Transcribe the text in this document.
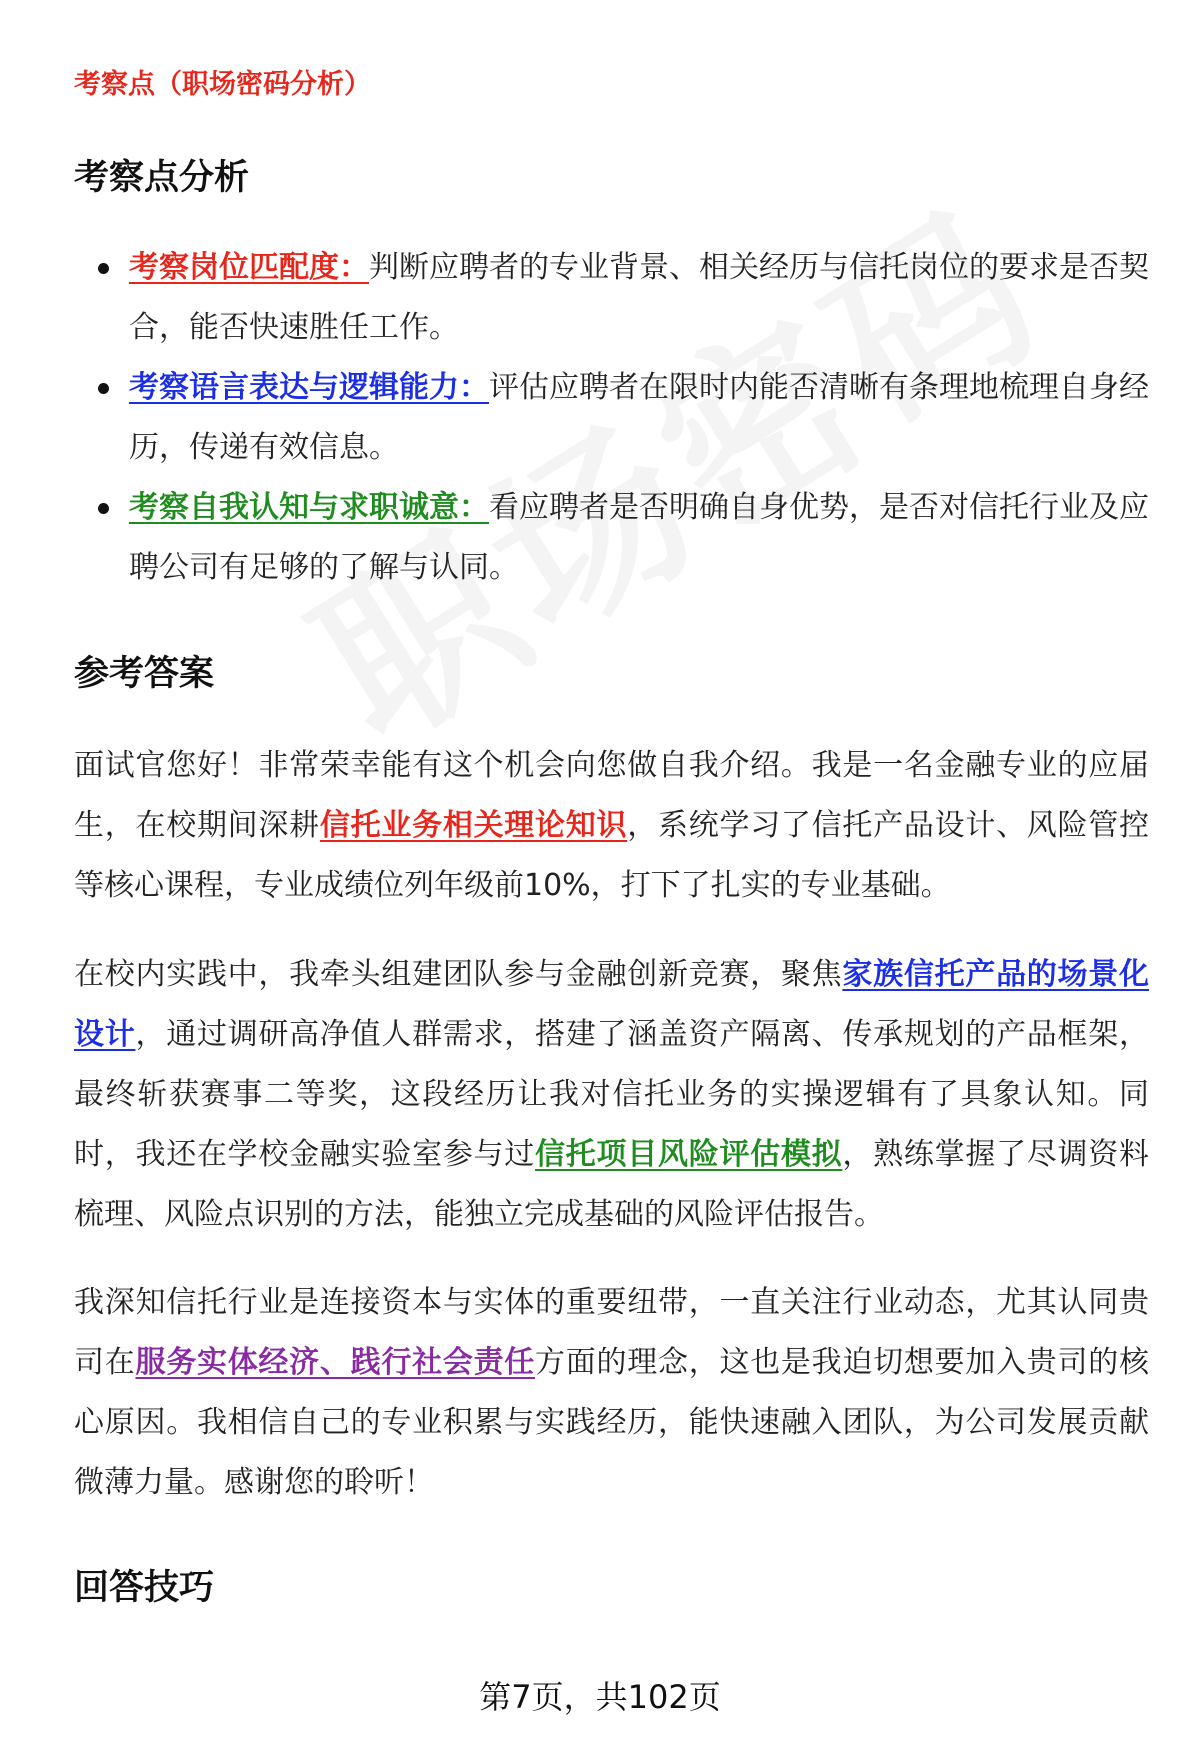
考察点（职场密码分析）
考察点分析
考察岗位匹配度：判断应聘者的专业背景、相关经历与信托岗位的要求是否契合，能否快速胜任工作。
考察语言表达与逻辑能力：评估应聘者在限时内能否清晰有条理地梳理自身经历，传递有效信息。
考察自我认知与求职诚意：看应聘者是否明确自身优势，是否对信托行业及应聘公司有足够的了解与认同。
参考答案

面试官您好！非常荣幸能有这个机会向您做自我介绍。我是一名金融专业的应届生，在校期间深耕信托业务相关理论知识，系统学习了信托产品设计、风险管控等核心课程，专业成绩位列年级前10%，打下了扎实的专业基础。

在校内实践中，我牵头组建团队参与金融创新竞赛，聚焦家族信托产品的场景化设计，通过调研高净值人群需求，搭建了涵盖资产隔离、传承规划的产品框架，最终斩获赛事二等奖，这段经历让我对信托业务的实操逻辑有了具象认知。同时，我还在学校金融实验室参与过信托项目风险评估模拟，熟练掌握了尽调资料梳理、风险点识别的方法，能独立完成基础的风险评估报告。

我深知信托行业是连接资本与实体的重要纽带，一直关注行业动态，尤其认同贵司在服务实体经济、践行社会责任方面的理念，这也是我迫切想要加入贵司的核心原因。我相信自己的专业积累与实践经历，能快速融入团队，为公司发展贡献微薄力量。感谢您的聆听！

回答技巧
第7页，共102页
